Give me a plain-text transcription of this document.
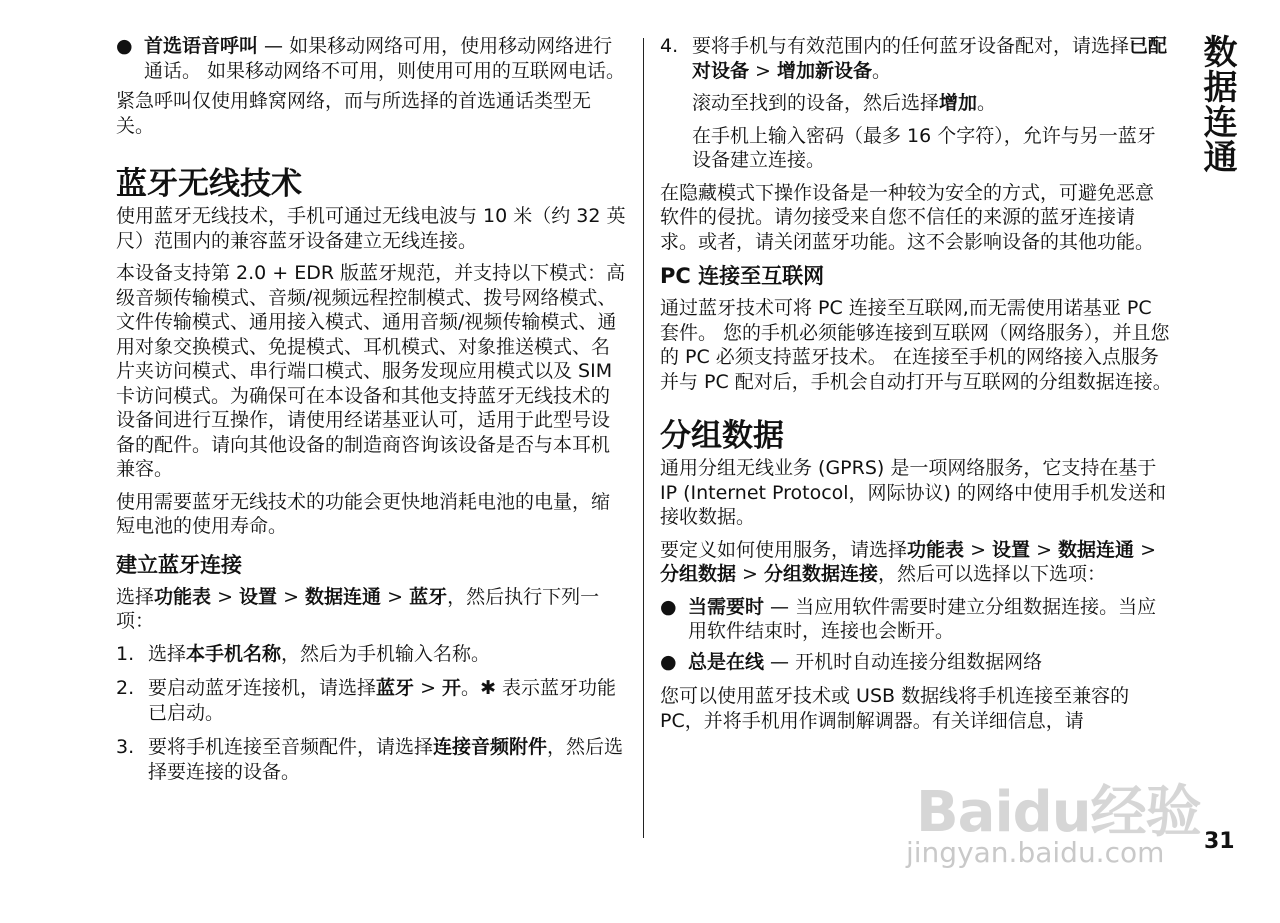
● 首选语音呼叫 — 如果移动网络可用，使用移动网络进行通话。 如果移动网络不可用，则使用可用的互联网电话。

紧急呼叫仅使用蜂窝网络，而与所选择的首选通话类型无关。

蓝牙无线技术

使用蓝牙无线技术，手机可通过无线电波与 10 米（约 32 英尺）范围内的兼容蓝牙设备建立无线连接。

本设备支持第 2.0 + EDR 版蓝牙规范，并支持以下模式：高级音频传输模式、音频/视频远程控制模式、拨号网络模式、文件传输模式、通用接入模式、通用音频/视频传输模式、通用对象交换模式、免提模式、耳机模式、对象推送模式、名片夹访问模式、串行端口模式、服务发现应用模式以及 SIM 卡访问模式。为确保可在本设备和其他支持蓝牙无线技术的设备间进行互操作，请使用经诺基亚认可，适用于此型号设备的配件。请向其他设备的制造商咨询该设备是否与本耳机兼容。

使用需要蓝牙无线技术的功能会更快地消耗电池的电量，缩短电池的使用寿命。

建立蓝牙连接

选择功能表 > 设置 > 数据连通 > 蓝牙，然后执行下列一项：

1. 选择本手机名称，然后为手机输入名称。
2. 要启动蓝牙连接机，请选择蓝牙 > 开。✱ 表示蓝牙功能已启动。
3. 要将手机连接至音频配件，请选择连接音频附件，然后选择要连接的设备。
4. 要将手机与有效范围内的任何蓝牙设备配对，请选择已配对设备 > 增加新设备。

滚动至找到的设备，然后选择增加。

在手机上输入密码（最多 16 个字符），允许与另一蓝牙设备建立连接。

在隐藏模式下操作设备是一种较为安全的方式，可避免恶意软件的侵扰。请勿接受来自您不信任的来源的蓝牙连接请求。或者，请关闭蓝牙功能。这不会影响设备的其他功能。

PC 连接至互联网

通过蓝牙技术可将 PC 连接至互联网,而无需使用诺基亚 PC 套件。 您的手机必须能够连接到互联网（网络服务），并且您的 PC 必须支持蓝牙技术。 在连接至手机的网络接入点服务并与 PC 配对后，手机会自动打开与互联网的分组数据连接。

分组数据

通用分组无线业务 (GPRS) 是一项网络服务，它支持在基于 IP (Internet Protocol，网际协议) 的网络中使用手机发送和接收数据。

要定义如何使用服务，请选择功能表 > 设置 > 数据连通 > 分组数据 > 分组数据连接，然后可以选择以下选项：

● 当需要时 — 当应用软件需要时建立分组数据连接。当应用软件结束时，连接也会断开。
● 总是在线 — 开机时自动连接分组数据网络

您可以使用蓝牙技术或 USB 数据线将手机连接至兼容的 PC，并将手机用作调制解调器。有关详细信息，请

数据连通
Baidu经验
jingyan.baidu.com 31
